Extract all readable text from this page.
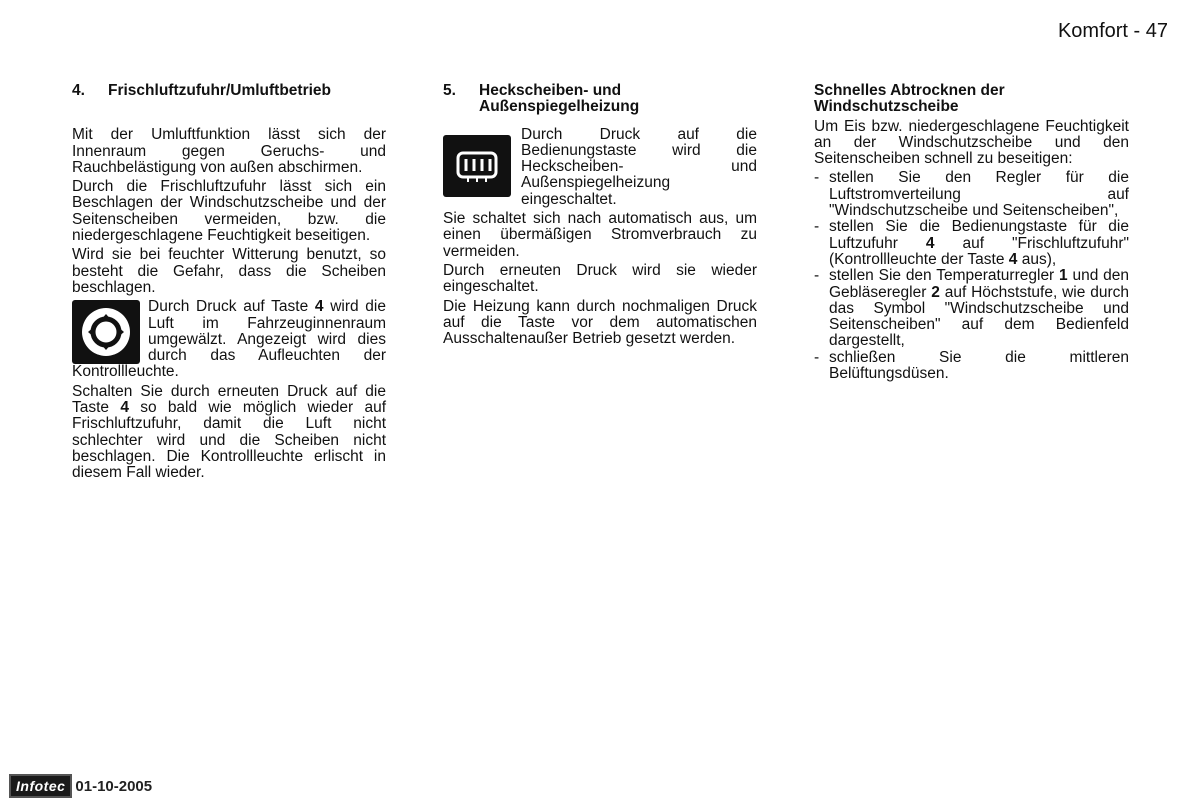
Komfort - 47
4.	Frischluftzufuhr/Umluftbetrieb

Mit der Umluftfunktion lässt sich der Innenraum gegen Geruchs- und Rauchbelästigung von außen abschirmen.

Durch die Frischluftzufuhr lässt sich ein Beschlagen der Windschutzscheibe und der Seitenscheiben vermeiden, bzw. die niedergeschlagene Feuchtigkeit beseitigen.

Wird sie bei feuchter Witterung benutzt, so besteht die Gefahr, dass die Scheiben beschlagen.

Durch Druck auf Taste 4 wird die Luft im Fahrzeuginnenraum umgewälzt. Angezeigt wird dies durch das Aufleuchten der Kontrollleuchte.

Schalten Sie durch erneuten Druck auf die Taste 4 so bald wie möglich wieder auf Frischluftzufuhr, damit die Luft nicht schlechter wird und die Scheiben nicht beschlagen. Die Kontrollleuchte erlischt in diesem Fall wieder.

5.	Heckscheiben- und Außenspiegelheizung

Durch Druck auf die Bedienungstaste wird die Heckscheiben- und Außenspiegelheizung eingeschaltet.

Sie schaltet sich nach automatisch aus, um einen übermäßigen Stromverbrauch zu vermeiden.

Durch erneuten Druck wird sie wieder eingeschaltet.

Die Heizung kann durch nochmaligen Druck auf die Taste vor dem automatischen Ausschaltenaußer Betrieb gesetzt werden.

Schnelles Abtrocknen der Windschutzscheibe

Um Eis bzw. niedergeschlagene Feuchtigkeit an der Windschutzscheibe und den Seitenscheiben schnell zu beseitigen:

- stellen Sie den Regler für die Luftstromverteilung auf "Windschutzscheibe und Seitenscheiben",
- stellen Sie die Bedienungstaste für die Luftzufuhr 4 auf "Frischluftzufuhr" (Kontrollleuchte der Taste 4 aus),
- stellen Sie den Temperaturregler 1 und den Gebläseregler 2 auf Höchststufe, wie durch das Symbol "Windschutzscheibe und Seitenscheiben" auf dem Bedienfeld dargestellt,
- schließen Sie die mittleren Belüftungsdüsen.
Infotec 01-10-2005
